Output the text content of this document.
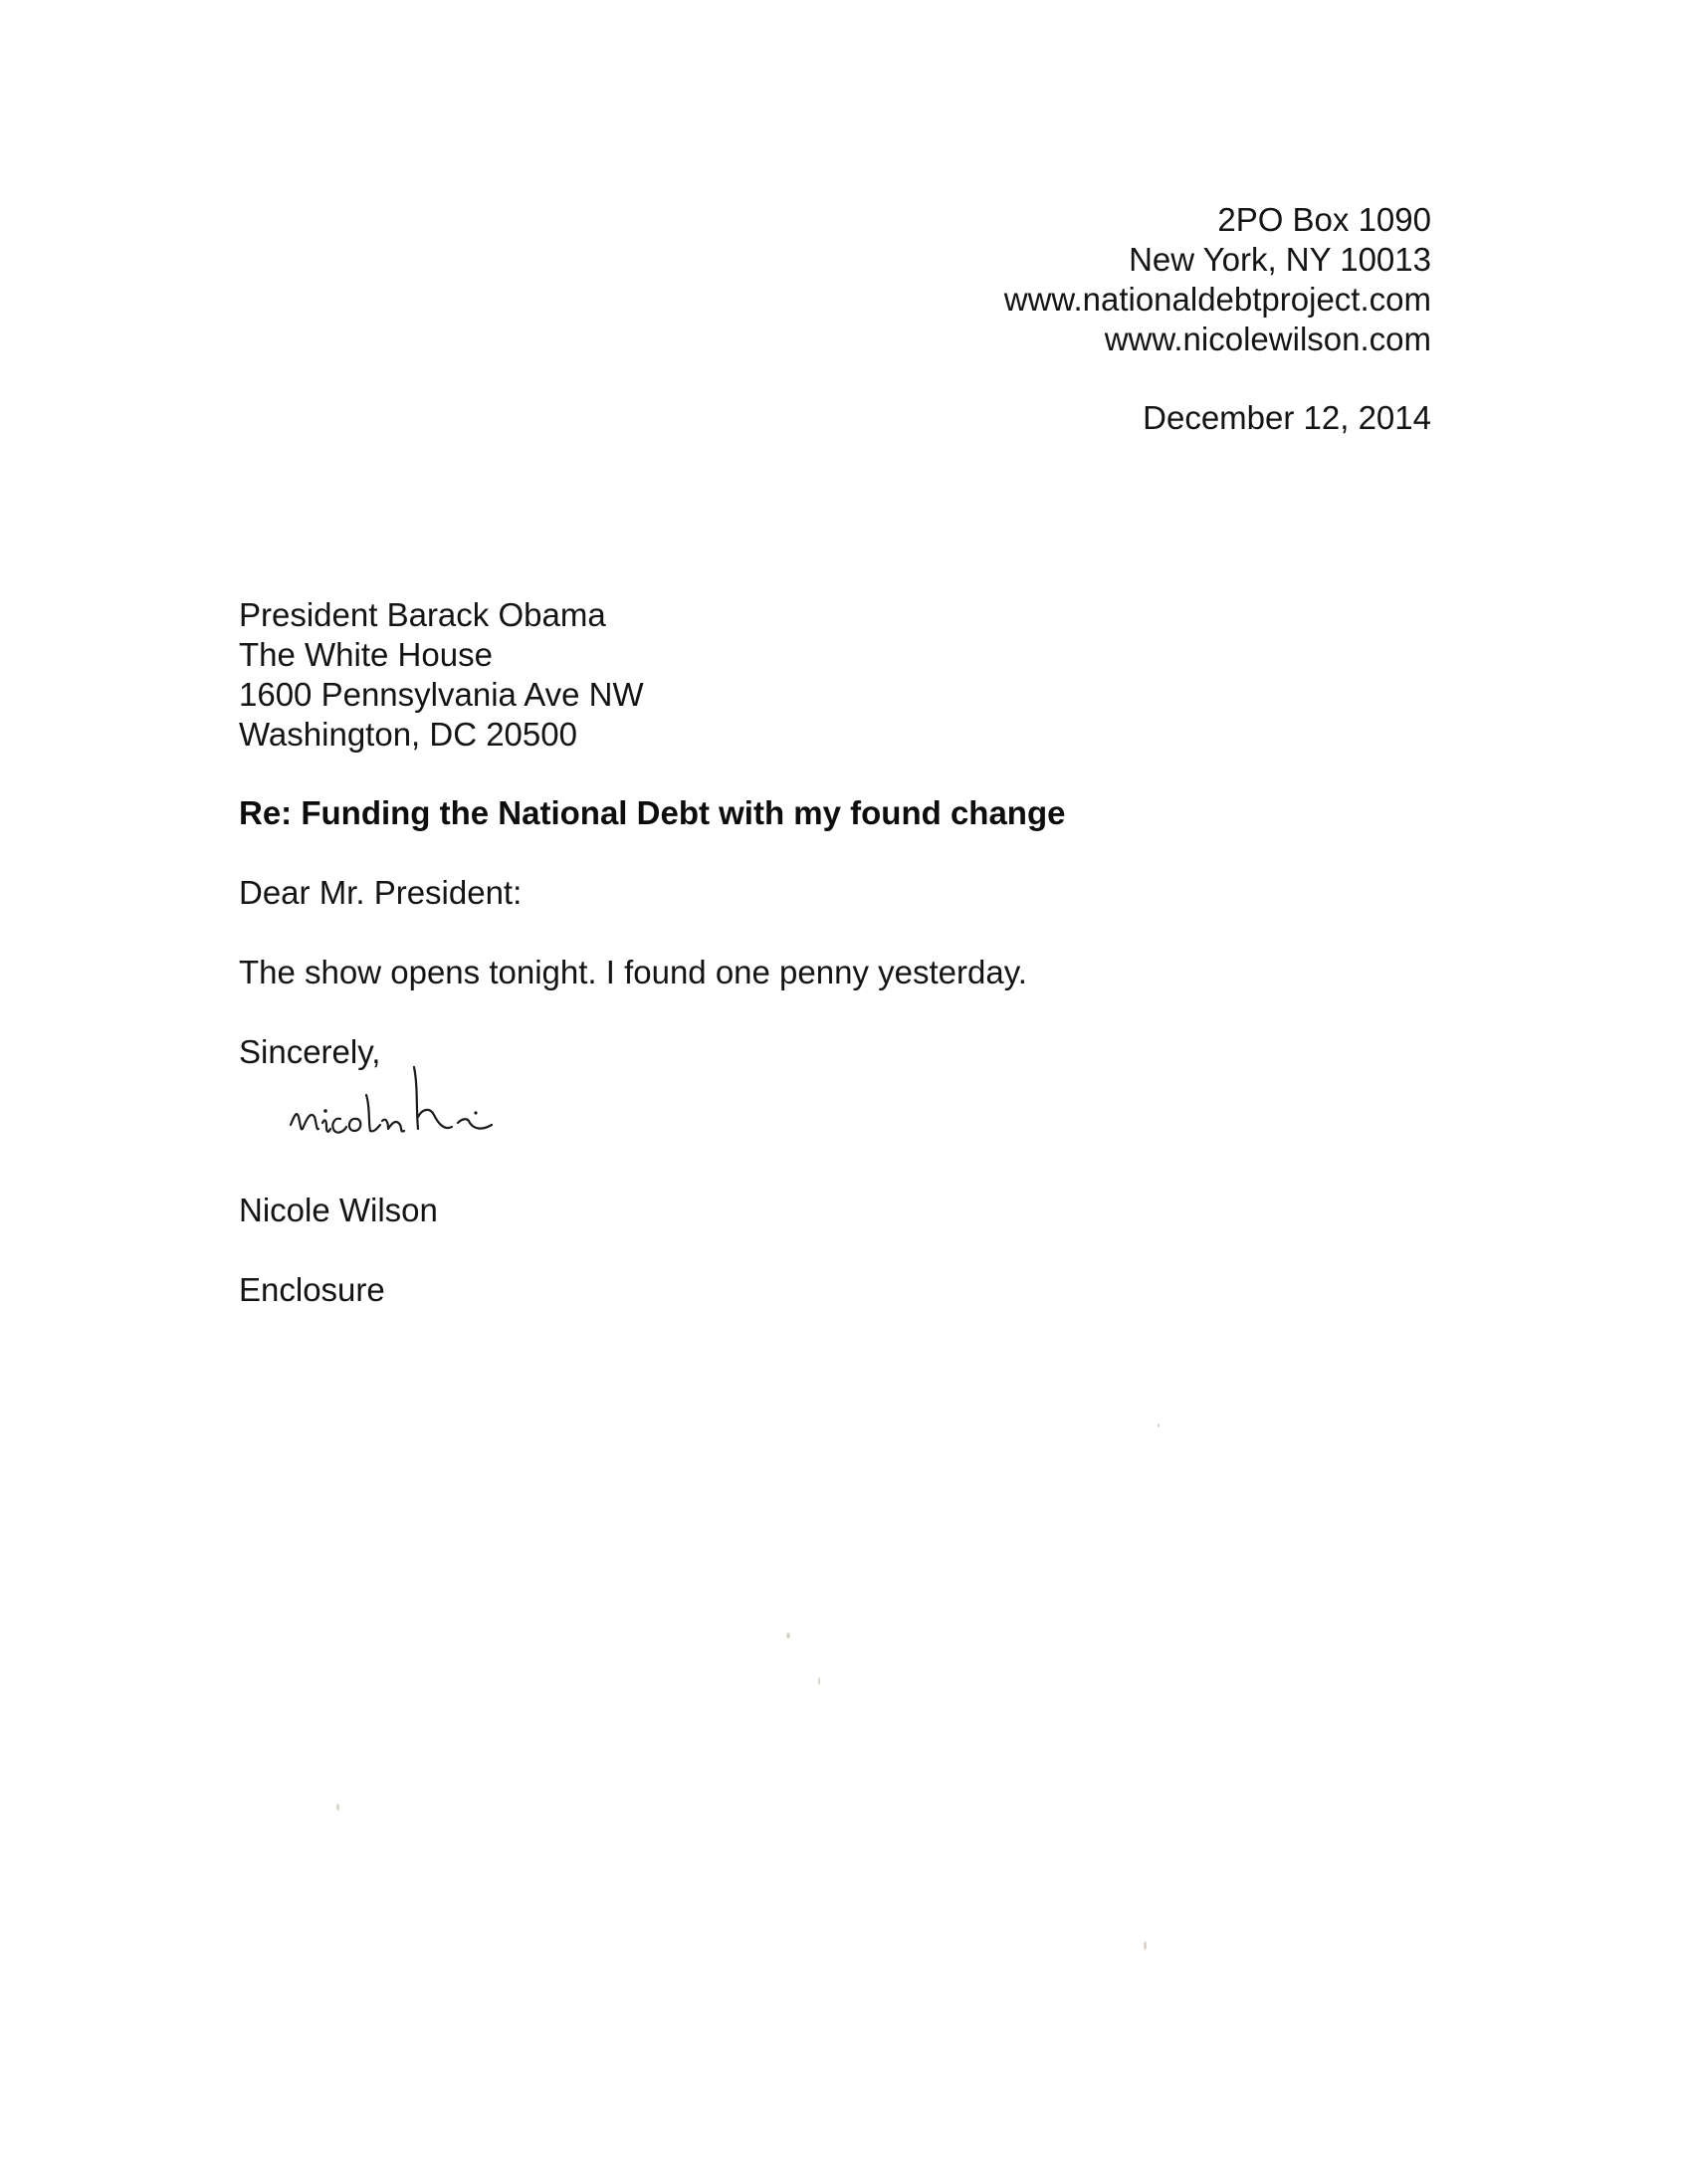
2PO Box 1090
New York, NY 10013
www.nationaldebtproject.com
www.nicolewilson.com
December 12, 2014
President Barack Obama
The White House
1600 Pennsylvania Ave NW
Washington, DC 20500
Re: Funding the National Debt with my found change
Dear Mr. President:
The show opens tonight. I found one penny yesterday.
Sincerely,
Nicole Wilson
Enclosure
